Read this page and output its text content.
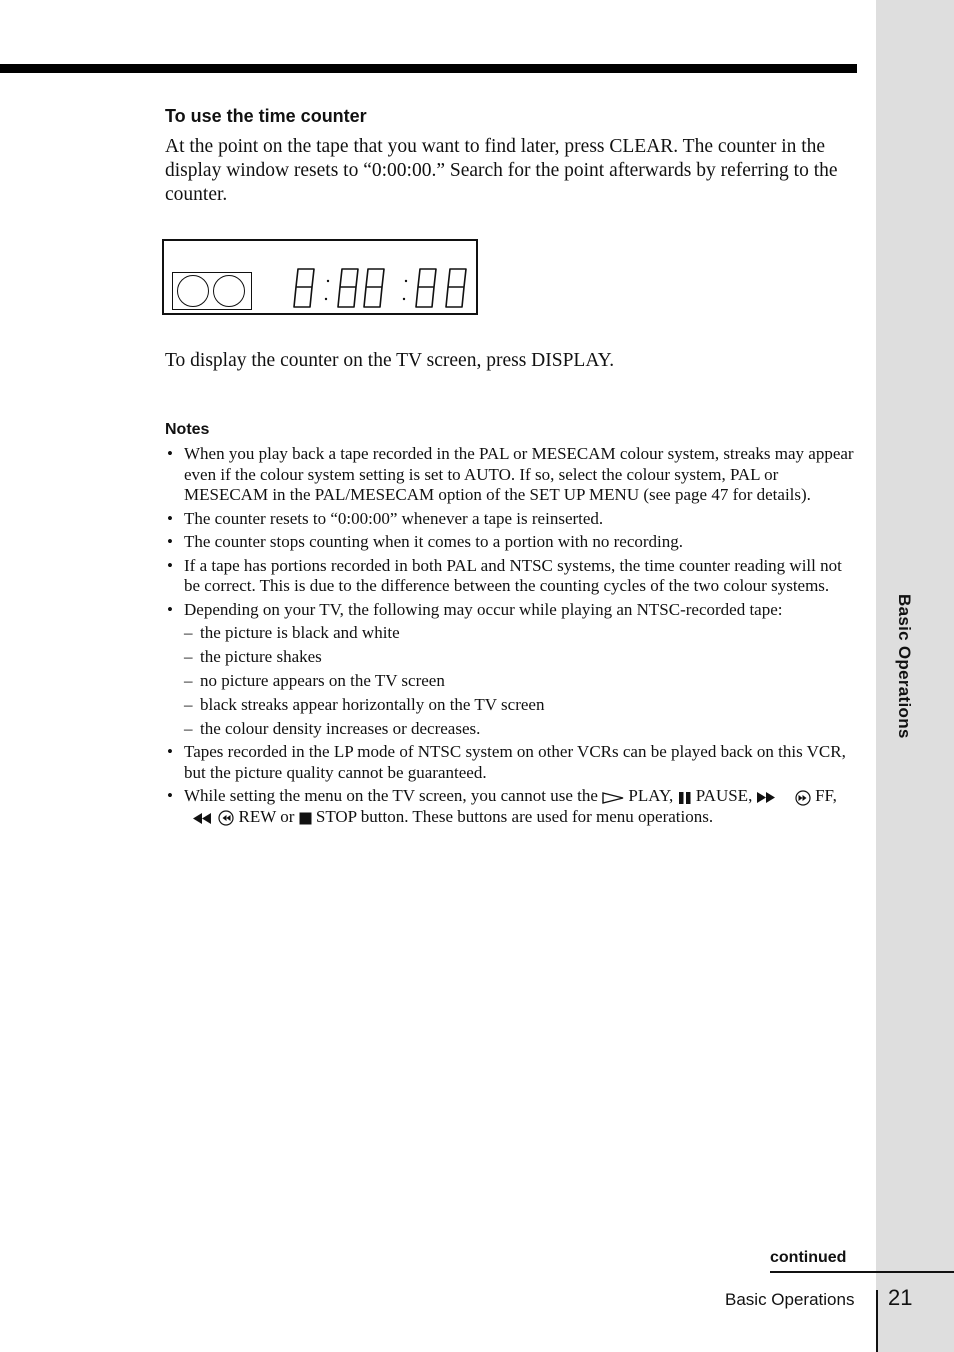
Basic Operations
To use the time counter

At the point on the tape that you want to find later, press CLEAR. The counter in the display window resets to “0:00:00.” Search for the point afterwards by referring to the counter.

To display the counter on the TV screen, press DISPLAY.

Notes
• When you play back a tape recorded in the PAL or MESECAM colour system, streaks may appear even if the colour system setting is set to AUTO. If so, select the colour system, PAL or MESECAM in the PAL/MESECAM option of the SET UP MENU (see page 47 for details).
• The counter resets to “0:00:00” whenever a tape is reinserted.
• The counter stops counting when it comes to a portion with no recording.
• If a tape has portions recorded in both PAL and NTSC systems, the time counter reading will not be correct. This is due to the difference between the counting cycles of the two colour systems.
• Depending on your TV, the following may occur while playing an NTSC-recorded tape:
– the picture is black and white
– the picture shakes
– no picture appears on the TV screen
– black streaks appear horizontally on the TV screen
– the colour density increases or decreases.
• Tapes recorded in the LP mode of NTSC system on other VCRs can be played back on this VCR, but the picture quality cannot be guaranteed.
• While setting the menu on the TV screen, you cannot use the PLAY, PAUSE,	FF,   REW or STOP button. These buttons are used for menu operations.

continued

Basic Operations 21
